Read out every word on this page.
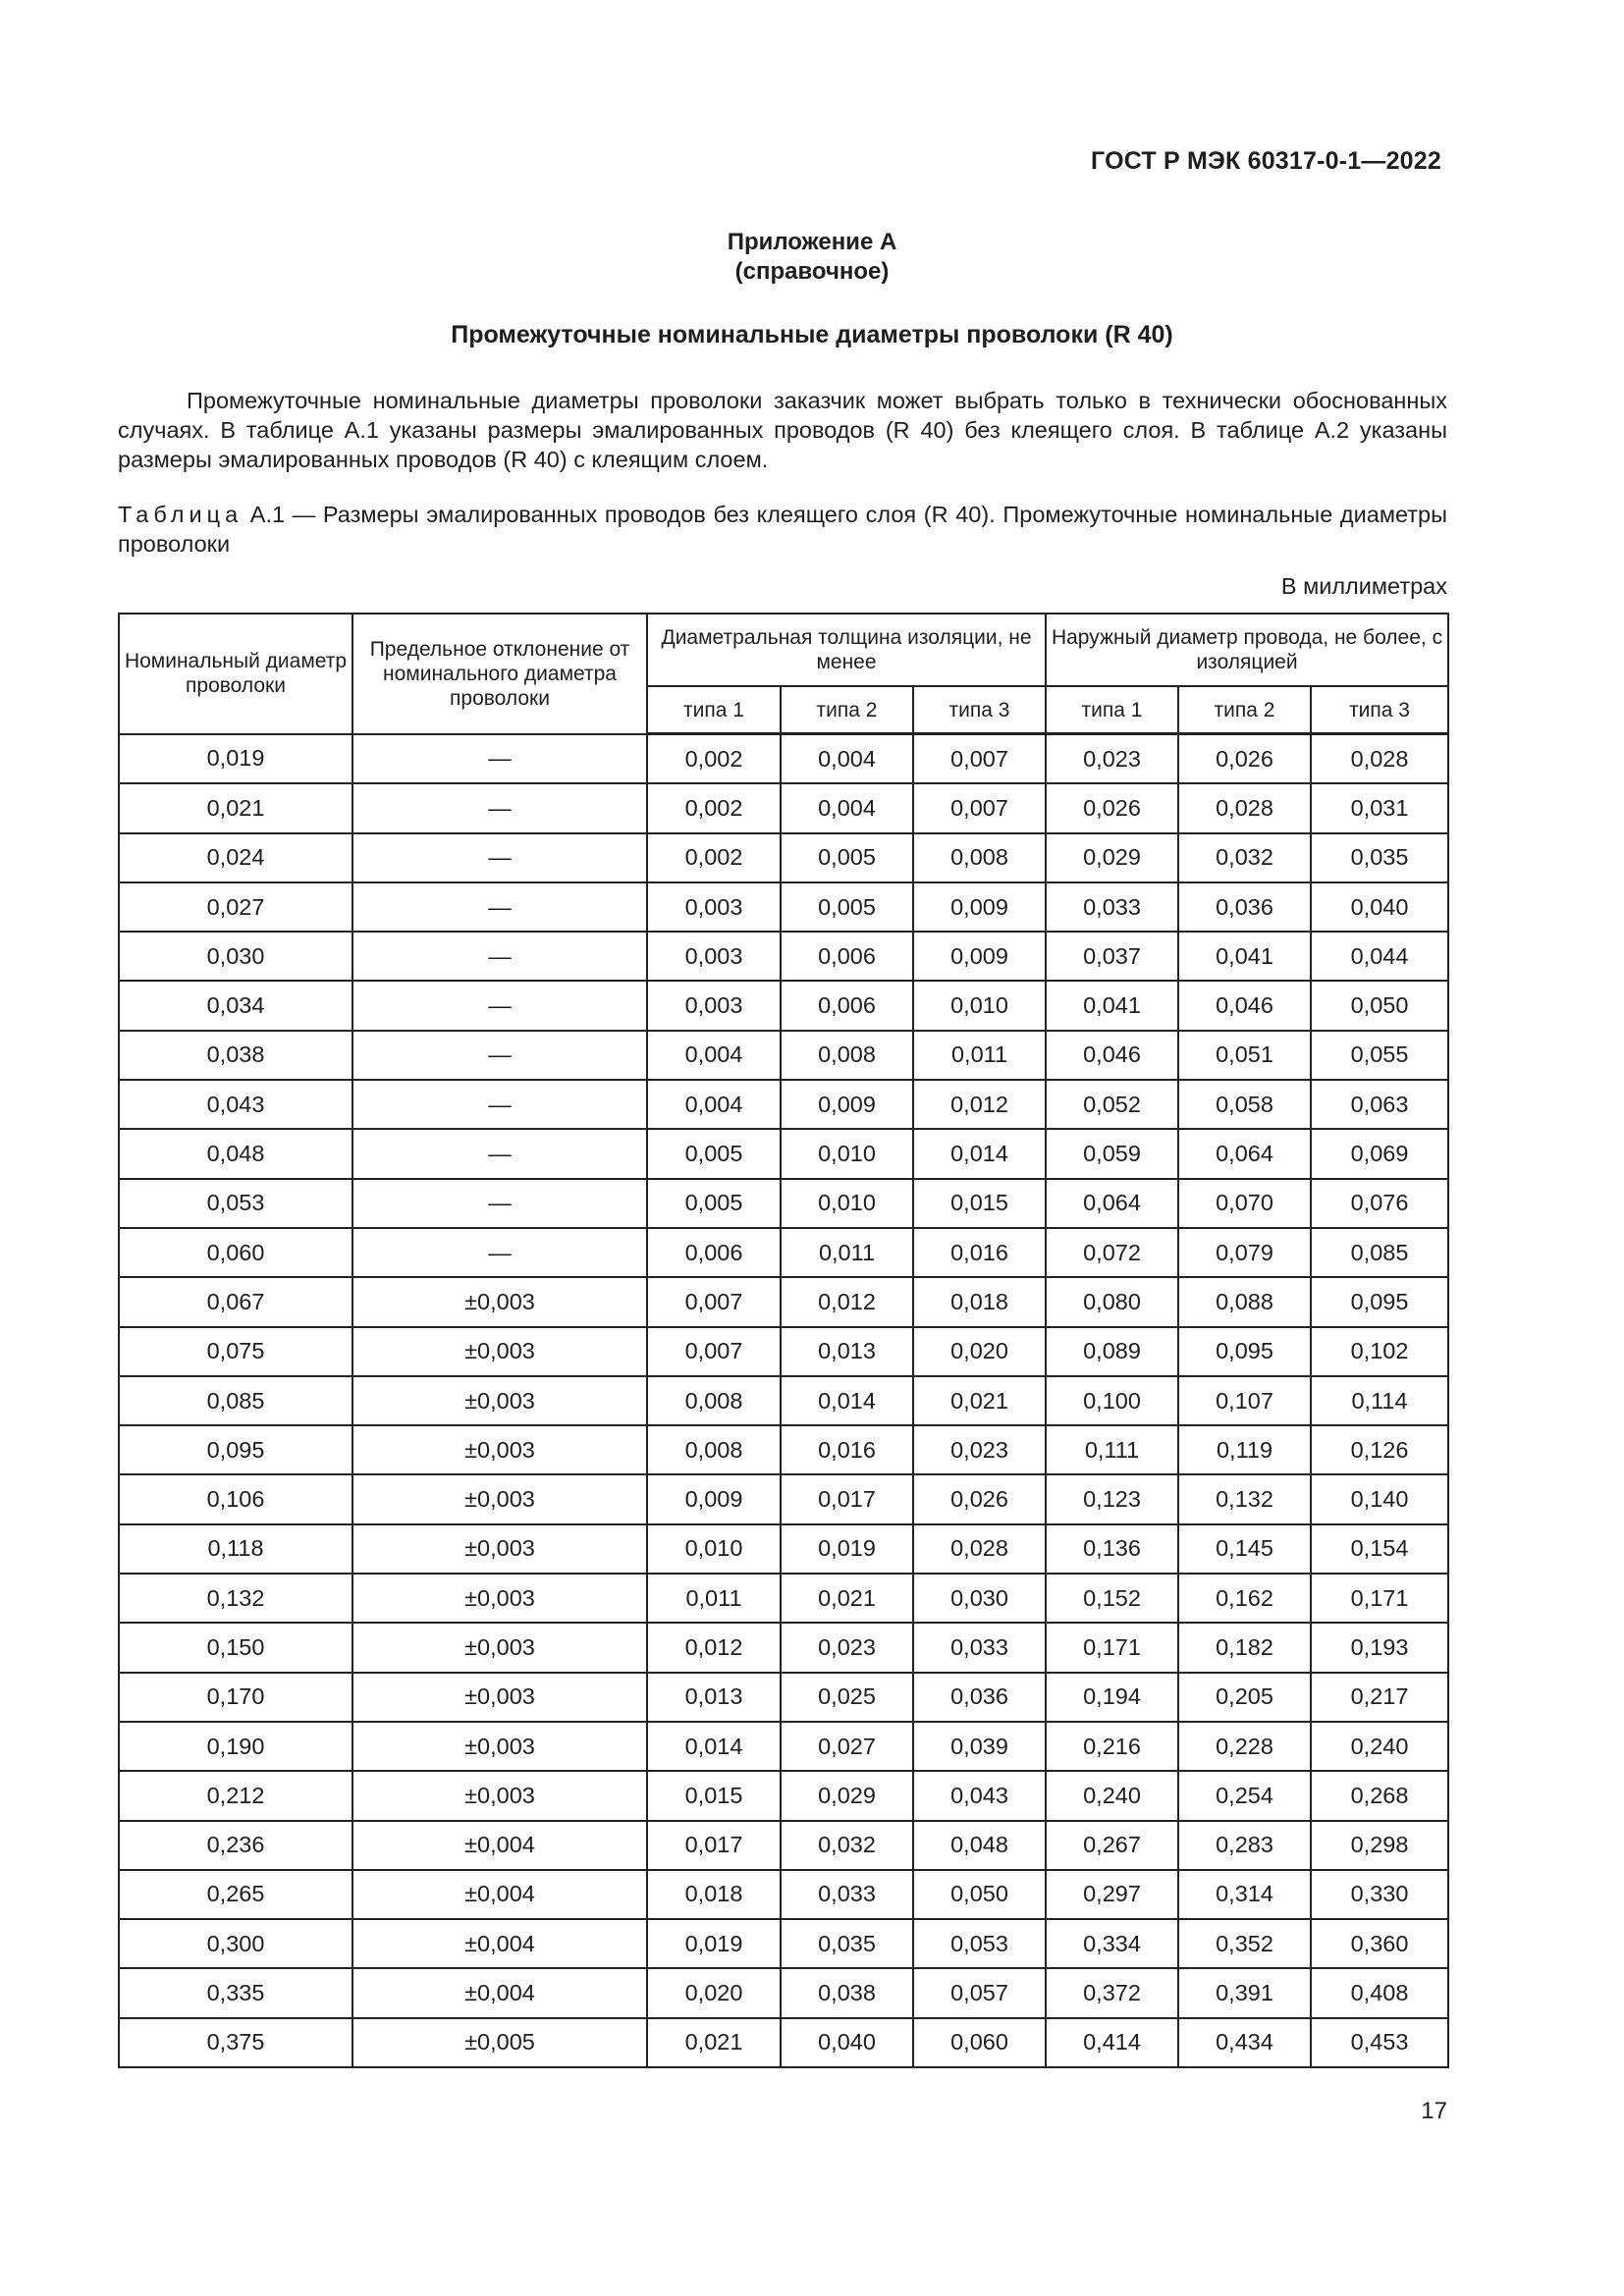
ГОСТ Р МЭК 60317-0-1—2022
Приложение А
(справочное)
Промежуточные номинальные диаметры проволоки (R 40)
Промежуточные номинальные диаметры проволоки заказчик может выбрать только в технически обоснованных случаях. В таблице А.1 указаны размеры эмалированных проводов (R 40) без клеящего слоя. В таблице А.2 указаны размеры эмалированных проводов (R 40) с клеящим слоем.
Таблица А.1 — Размеры эмалированных проводов без клеящего слоя (R 40). Промежуточные номинальные диаметры проволоки
В миллиметрах
Номинальный диаметр проволоки	Предельное отклонение от номинального диаметра проволоки	Диаметральная толщина изоляции, не менее			Наружный диаметр провода, не более, с изоляцией		
		типа 1	типа 2	типа 3	типа 1	типа 2	типа 3
0,019	—	0,002	0,004	0,007	0,023	0,026	0,028
0,021	—	0,002	0,004	0,007	0,026	0,028	0,031
0,024	—	0,002	0,005	0,008	0,029	0,032	0,035
0,027	—	0,003	0,005	0,009	0,033	0,036	0,040
0,030	—	0,003	0,006	0,009	0,037	0,041	0,044
0,034	—	0,003	0,006	0,010	0,041	0,046	0,050
0,038	—	0,004	0,008	0,011	0,046	0,051	0,055
0,043	—	0,004	0,009	0,012	0,052	0,058	0,063
0,048	—	0,005	0,010	0,014	0,059	0,064	0,069
0,053	—	0,005	0,010	0,015	0,064	0,070	0,076
0,060	—	0,006	0,011	0,016	0,072	0,079	0,085
0,067	±0,003	0,007	0,012	0,018	0,080	0,088	0,095
0,075	±0,003	0,007	0,013	0,020	0,089	0,095	0,102
0,085	±0,003	0,008	0,014	0,021	0,100	0,107	0,114
0,095	±0,003	0,008	0,016	0,023	0,111	0,119	0,126
0,106	±0,003	0,009	0,017	0,026	0,123	0,132	0,140
0,118	±0,003	0,010	0,019	0,028	0,136	0,145	0,154
0,132	±0,003	0,011	0,021	0,030	0,152	0,162	0,171
0,150	±0,003	0,012	0,023	0,033	0,171	0,182	0,193
0,170	±0,003	0,013	0,025	0,036	0,194	0,205	0,217
0,190	±0,003	0,014	0,027	0,039	0,216	0,228	0,240
0,212	±0,003	0,015	0,029	0,043	0,240	0,254	0,268
0,236	±0,004	0,017	0,032	0,048	0,267	0,283	0,298
0,265	±0,004	0,018	0,033	0,050	0,297	0,314	0,330
0,300	±0,004	0,019	0,035	0,053	0,334	0,352	0,360
0,335	±0,004	0,020	0,038	0,057	0,372	0,391	0,408
0,375	±0,005	0,021	0,040	0,060	0,414	0,434	0,453
17
